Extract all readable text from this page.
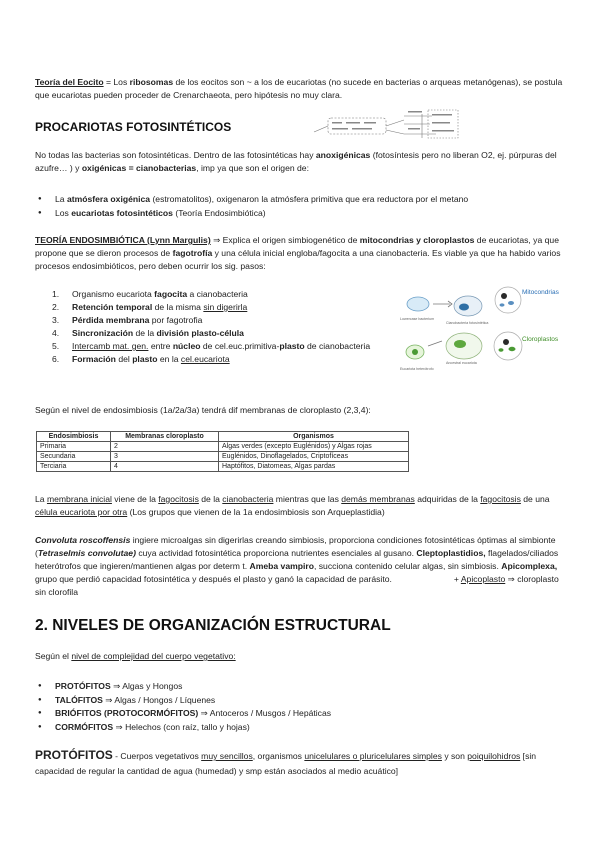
Teoría del Eocito = Los ribosomas de los eocitos son ~ a los de eucariotas (no sucede en bacterias o arqueas metanógenas), se postula que eucariotas pueden proceder de Crenarchaeota, pero hipótesis no muy clara.
PROCARIOTAS FOTOSINTÉTICOS
No todas las bacterias son fotosintéticas. Dentro de las fotosintéticas hay anoxigénicas (fotosíntesis pero no liberan O2, ej. púrpuras del azufre… ) y oxigénicas = cianobacterias, imp ya que son el origen de:
● La atmósfera oxigénica (estromatolitos), oxigenaron la atmósfera primitiva que era reductora por el metano
● Los eucariotas fotosintéticos (Teoría Endosimbiótica)
TEORÍA ENDOSIMBIÓTICA (Lynn Margulis) ⇒ Explica el origen simbiogenético de mitocondrias y cloroplastos de eucariotas, ya que propone que se dieron procesos de fagotrofía y una célula inicial engloba/fagocita a una cianobacteria. Es viable ya que ha habido varios procesos endosimbióticos, pero deben ocurrir los sig. pasos:
1. Organismo eucariota fagocita a cianobacteria
2. Retención temporal de la misma sin digerirla
3. Pérdida membrana por fagotrofia
4. Sincronización de la división plasto-célula
5. Intercamb mat. gen. entre núcleo de cel.euc.primitiva-plasto de cianobacteria
6. Formación del plasto en la cel.eucariota
Mitocondrias
Cloroplastos
Lowercase bacterium
Cianobacteria fotosintética
Ancestral eucariota
Eucariota heterótrofo
Según el nivel de endosimbiosis (1a/2a/3a) tendrá dif membranas de cloroplasto (2,3,4):
Endosimbiosis	Membranas cloroplasto	Organismos
Primaria	2	Algas verdes (excepto Euglénidos) y Algas rojas
Secundaria	3	Euglénidos, Dinoflagelados, Criptofíceas
Terciaria	4	Haptófitos, Diatomeas, Algas pardas
La membrana inicial viene de la fagocitosis de la cianobacteria mientras que las demás membranas adquiridas de la fagocitosis de una célula eucariota por otra (Los grupos que vienen de la 1a endosimbiosis son Arqueplastidia)
Convoluta roscoffensis ingiere microalgas sin digerirlas creando simbiosis, proporciona condiciones fotosintéticas óptimas al simbionte (Tetraselmis convolutae) cuya actividad fotosintética proporciona nutrientes esenciales al gusano. Cleptoplastidios, flagelados/ciliados heterótrofos que ingieren/mantienen algas por determ t. Ameba vampiro, succiona contenido celular algas, sin simbiosis. Apicomplexa, grupo que perdió capacidad fotosintética y después el plasto y ganó la capacidad de parásito.	+ Apicoplasto ⇒ cloroplasto sin clorofila
2. NIVELES DE ORGANIZACIÓN ESTRUCTURAL
Según el nivel de complejidad del cuerpo vegetativo:
● PROTÓFITOS ⇒ Algas y Hongos
● TALÓFITOS ⇒ Algas / Hongos / Líquenes
● BRIÓFITOS (PROTOCORMÓFITOS) ⇒ Antoceros / Musgos / Hepáticas
● CORMÓFITOS ⇒ Helechos (con raíz, tallo y hojas)
PROTÓFITOS - Cuerpos vegetativos muy sencillos, organismos unicelulares o pluricelulares simples y son poiquilohidros [sin capacidad de regular la cantidad de agua (humedad) y smp están asociados al medio acuático]
